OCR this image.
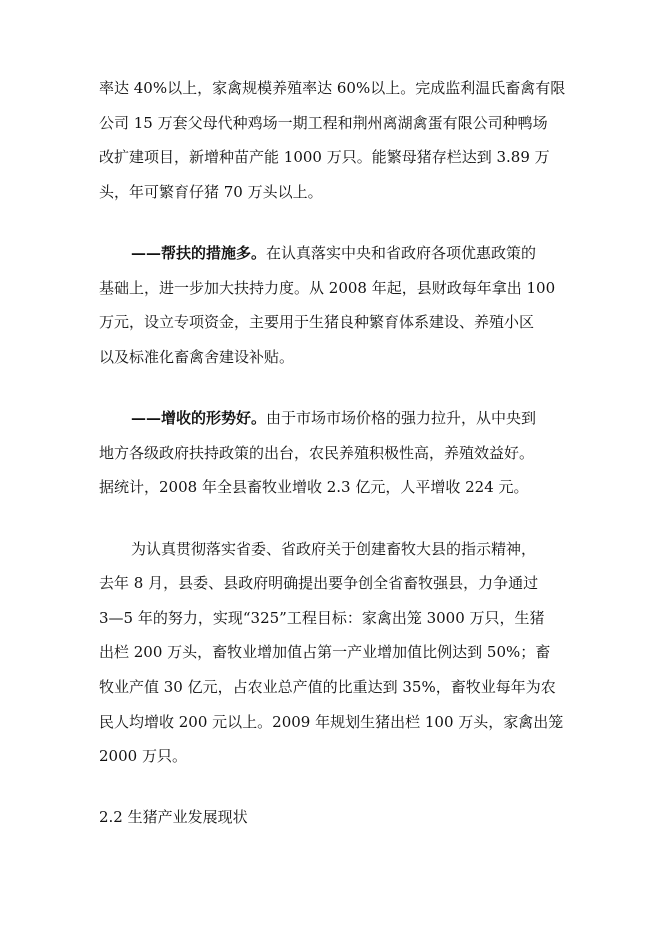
率达 40%以上，家禽规模养殖率达 60%以上。完成监利温氏畜禽有限
公司 15 万套父母代种鸡场一期工程和荆州离湖禽蛋有限公司种鸭场
改扩建项目，新增种苗产能 1000 万只。能繁母猪存栏达到 3.89 万
头，年可繁育仔猪 70 万头以上。
——帮扶的措施多。在认真落实中央和省政府各项优惠政策的
基础上，进一步加大扶持力度。从 2008 年起，县财政每年拿出 100
万元，设立专项资金，主要用于生猪良种繁育体系建设、养殖小区
以及标准化畜禽舍建设补贴。
——增收的形势好。由于市场市场价格的强力拉升，从中央到
地方各级政府扶持政策的出台，农民养殖积极性高，养殖效益好。
据统计，2008 年全县畜牧业增收 2.3 亿元，人平增收 224 元。
为认真贯彻落实省委、省政府关于创建畜牧大县的指示精神，
去年 8 月，县委、县政府明确提出要争创全省畜牧强县，力争通过
3—5 年的努力，实现“325”工程目标：家禽出笼 3000 万只，生猪
出栏 200 万头，畜牧业增加值占第一产业增加值比例达到 50%；畜
牧业产值 30 亿元，占农业总产值的比重达到 35%，畜牧业每年为农
民人均增收 200 元以上。2009 年规划生猪出栏 100 万头，家禽出笼
2000 万只。
2.2 生猪产业发展现状
